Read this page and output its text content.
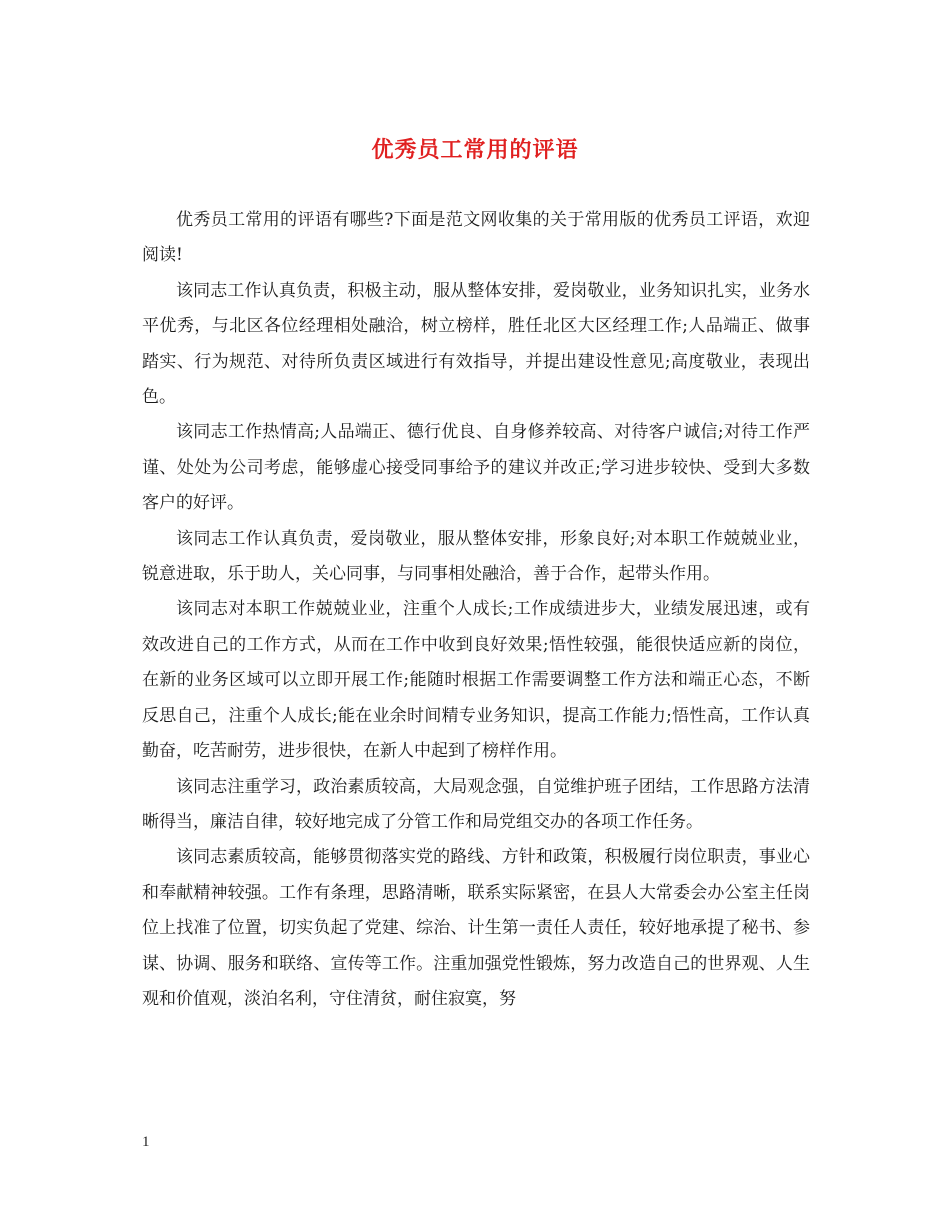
优秀员工常用的评语

优秀员工常用的评语有哪些?下面是范文网收集的关于常用版的优秀员工评语，欢迎阅读!

该同志工作认真负责，积极主动，服从整体安排，爱岗敬业，业务知识扎实，业务水平优秀，与北区各位经理相处融洽，树立榜样，胜任北区大区经理工作;人品端正、做事踏实、行为规范、对待所负责区域进行有效指导，并提出建设性意见;高度敬业，表现出色。

该同志工作热情高;人品端正、德行优良、自身修养较高、对待客户诚信;对待工作严谨、处处为公司考虑，能够虚心接受同事给予的建议并改正;学习进步较快、受到大多数客户的好评。

该同志工作认真负责，爱岗敬业，服从整体安排，形象良好;对本职工作兢兢业业，锐意进取，乐于助人，关心同事，与同事相处融洽，善于合作，起带头作用。

该同志对本职工作兢兢业业，注重个人成长;工作成绩进步大，业绩发展迅速，或有效改进自己的工作方式，从而在工作中收到良好效果;悟性较强，能很快适应新的岗位，在新的业务区域可以立即开展工作;能随时根据工作需要调整工作方法和端正心态，不断反思自己，注重个人成长;能在业余时间精专业务知识，提高工作能力;悟性高，工作认真勤奋，吃苦耐劳，进步很快，在新人中起到了榜样作用。

该同志注重学习，政治素质较高，大局观念强，自觉维护班子团结，工作思路方法清晰得当，廉洁自律，较好地完成了分管工作和局党组交办的各项工作任务。

该同志素质较高，能够贯彻落实党的路线、方针和政策，积极履行岗位职责，事业心和奉献精神较强。工作有条理，思路清晰，联系实际紧密，在县人大常委会办公室主任岗位上找准了位置，切实负起了党建、综治、计生第一责任人责任，较好地承提了秘书、参谋、协调、服务和联络、宣传等工作。注重加强党性锻炼，努力改造自己的世界观、人生观和价值观，淡泊名利，守住清贫，耐住寂寞，努

1
